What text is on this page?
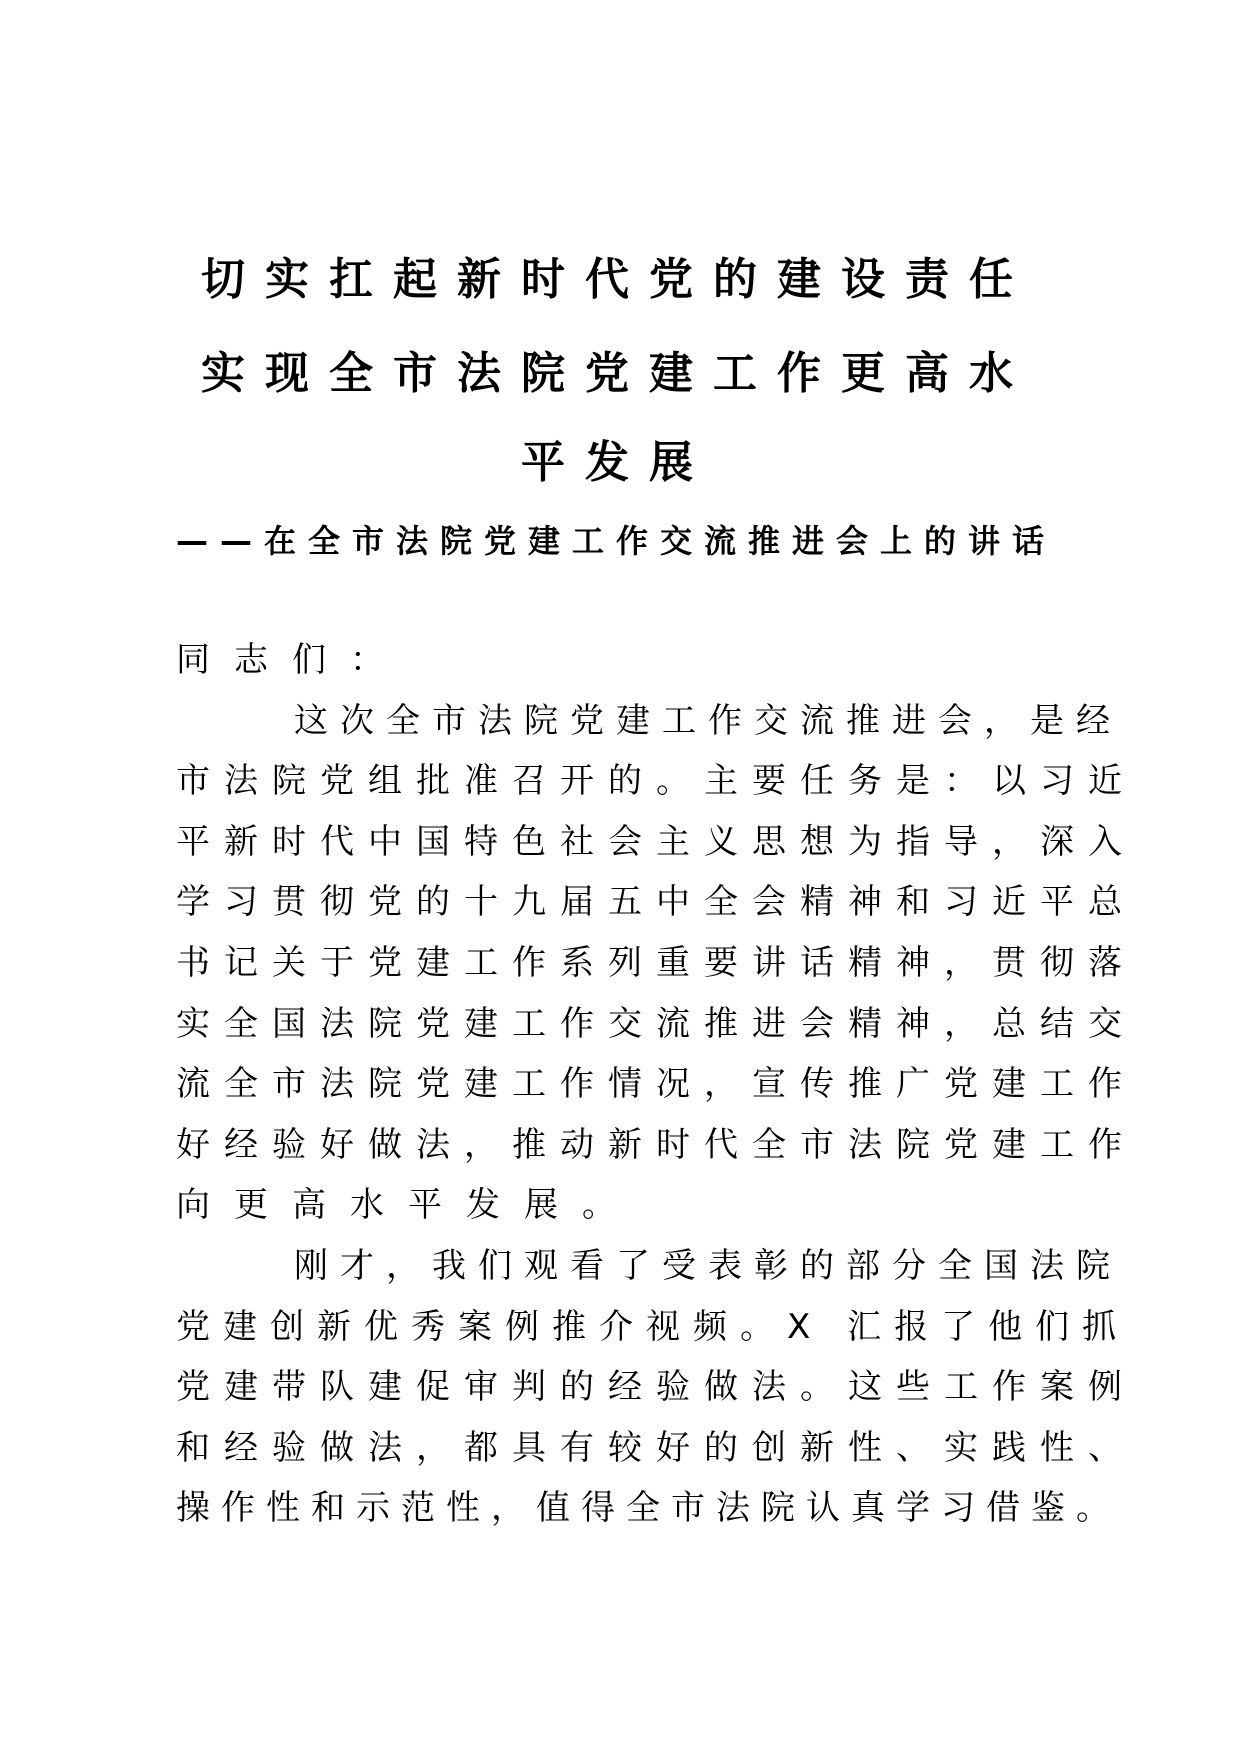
切实扛起新时代党的建设责任
实现全市法院党建工作更高水
平发展
——在全市法院党建工作交流推进会上的讲话
同志们：
这次全市法院党建工作交流推进会，是经
市法院党组批准召开的。主要任务是：以习近
平新时代中国特色社会主义思想为指导，深入
学习贯彻党的十九届五中全会精神和习近平总
书记关于党建工作系列重要讲话精神，贯彻落
实全国法院党建工作交流推进会精神，总结交
流全市法院党建工作情况，宣传推广党建工作
好经验好做法，推动新时代全市法院党建工作
向更高水平发展。
刚才，我们观看了受表彰的部分全国法院
党建创新优秀案例推介视频。X 汇报了他们抓
党建带队建促审判的经验做法。这些工作案例
和经验做法，都具有较好的创新性、实践性、
操作性和示范性，值得全市法院认真学习借鉴。
